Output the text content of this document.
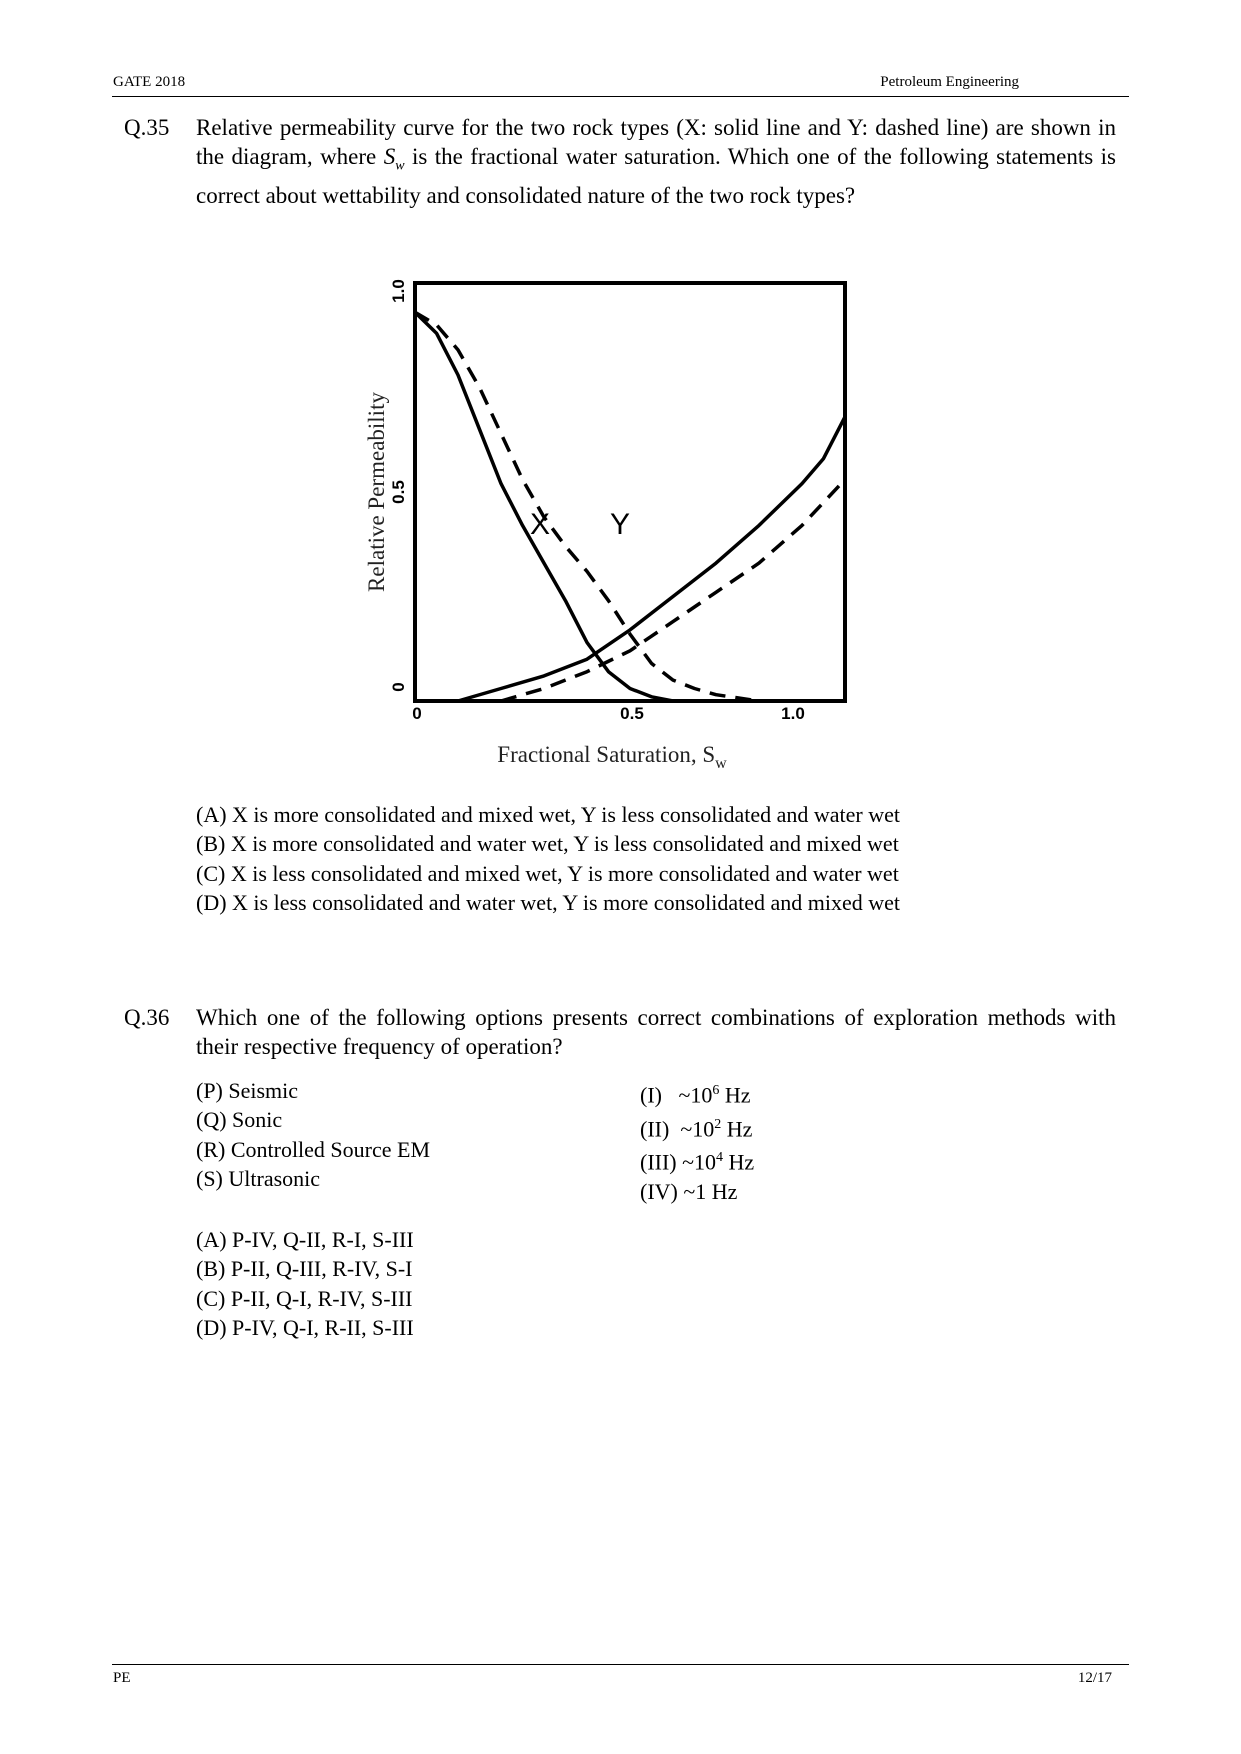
GATE 2018	Petroleum Engineering
Q.35 Relative permeability curve for the two rock types (X: solid line and Y: dashed line) are shown in the diagram, where $S_w$ is the fractional water saturation. Which one of the following statements is correct about wettability and consolidated nature of the two rock types?
0
0.5
1.0
0	0.5	1.0
Relative Permeability
Fractional Saturation, $S_w$
X Y
(A) X is more consolidated and mixed wet, Y is less consolidated and water wet
(B) X is more consolidated and water wet, Y is less consolidated and mixed wet
(C) X is less consolidated and mixed wet, Y is more consolidated and water wet
(D) X is less consolidated and water wet, Y is more consolidated and mixed wet
Q.36 Which one of the following options presents correct combinations of exploration methods with their respective frequency of operation?
(P) Seismic
(Q) Sonic
(R) Controlled Source EM
(S) Ultrasonic
(I) $\sim 10^6$ Hz
(II) $\sim 10^2$ Hz
(III) $\sim 10^4$ Hz
(IV) ~1 Hz
(A) P-IV, Q-II, R-I, S-III
(B) P-II, Q-III, R-IV, S-I
(C) P-II, Q-I, R-IV, S-III
(D) P-IV, Q-I, R-II, S-III
PE	12/17
